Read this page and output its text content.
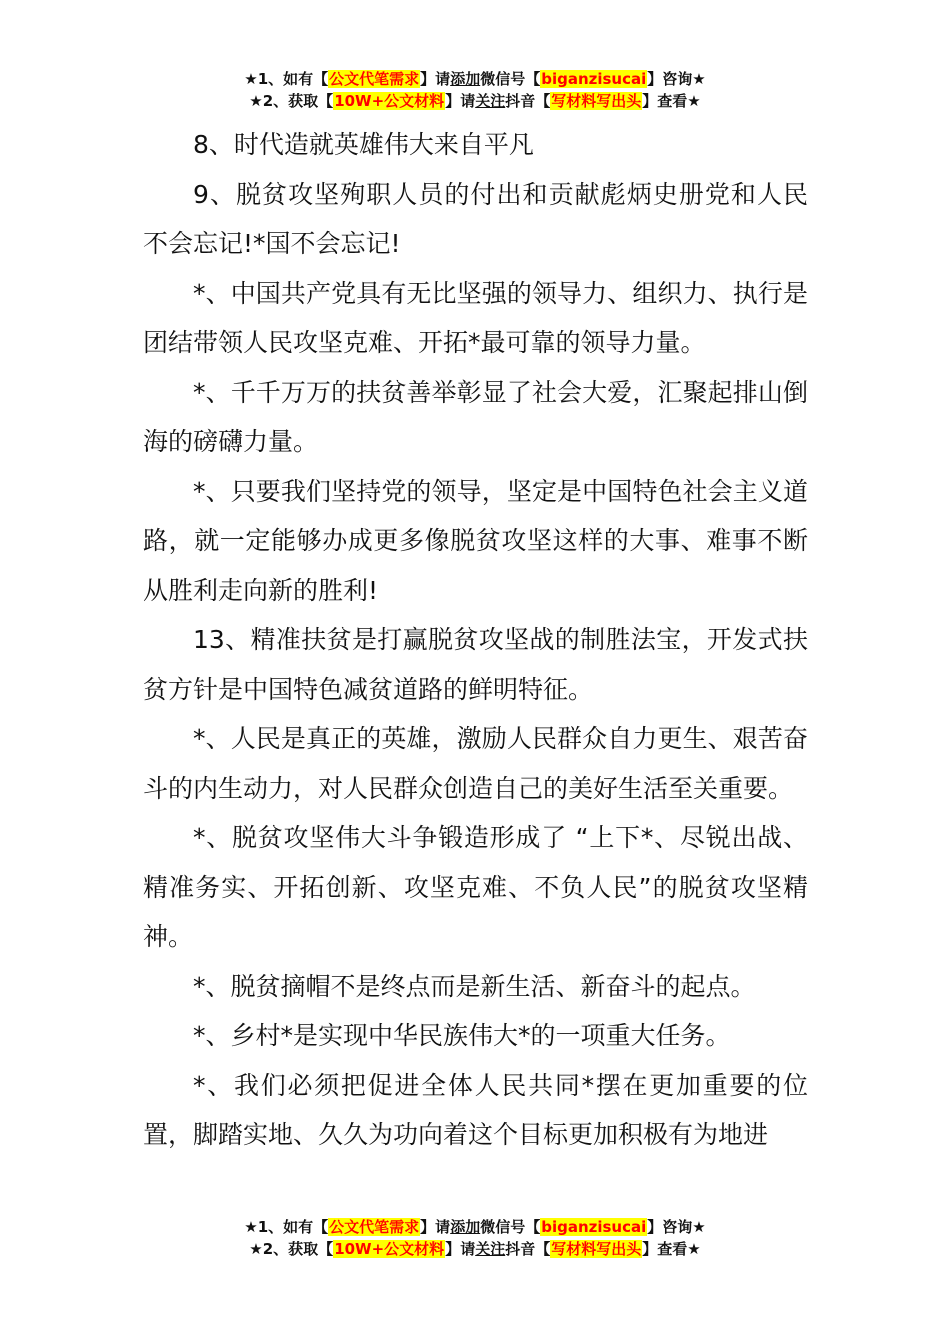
★1、如有【公文代笔需求】请添加微信号【biganzisucai】咨询★
★2、获取【10W+公文材料】请关注抖音【写材料写出头】查看★

8、时代造就英雄伟大来自平凡

9、脱贫攻坚殉职人员的付出和贡献彪炳史册党和人民不会忘记!*国不会忘记!

*、中国共产党具有无比坚强的领导力、组织力、执行是团结带领人民攻坚克难、开拓*最可靠的领导力量。

*、千千万万的扶贫善举彰显了社会大爱，汇聚起排山倒海的磅礴力量。

*、只要我们坚持党的领导，坚定是中国特色社会主义道路，就一定能够办成更多像脱贫攻坚这样的大事、难事不断从胜利走向新的胜利!

13、精准扶贫是打赢脱贫攻坚战的制胜法宝，开发式扶贫方针是中国特色减贫道路的鲜明特征。

*、人民是真正的英雄，激励人民群众自力更生、艰苦奋斗的内生动力，对人民群众创造自己的美好生活至关重要。

*、脱贫攻坚伟大斗争锻造形成了 “上下*、尽锐出战、精准务实、开拓创新、攻坚克难、不负人民”的脱贫攻坚精神。

*、脱贫摘帽不是终点而是新生活、新奋斗的起点。

*、乡村*是实现中华民族伟大*的一项重大任务。

*、我们必须把促进全体人民共同*摆在更加重要的位置，脚踏实地、久久为功向着这个目标更加积极有为地进

★1、如有【公文代笔需求】请添加微信号【biganzisucai】咨询★
★2、获取【10W+公文材料】请关注抖音【写材料写出头】查看★
